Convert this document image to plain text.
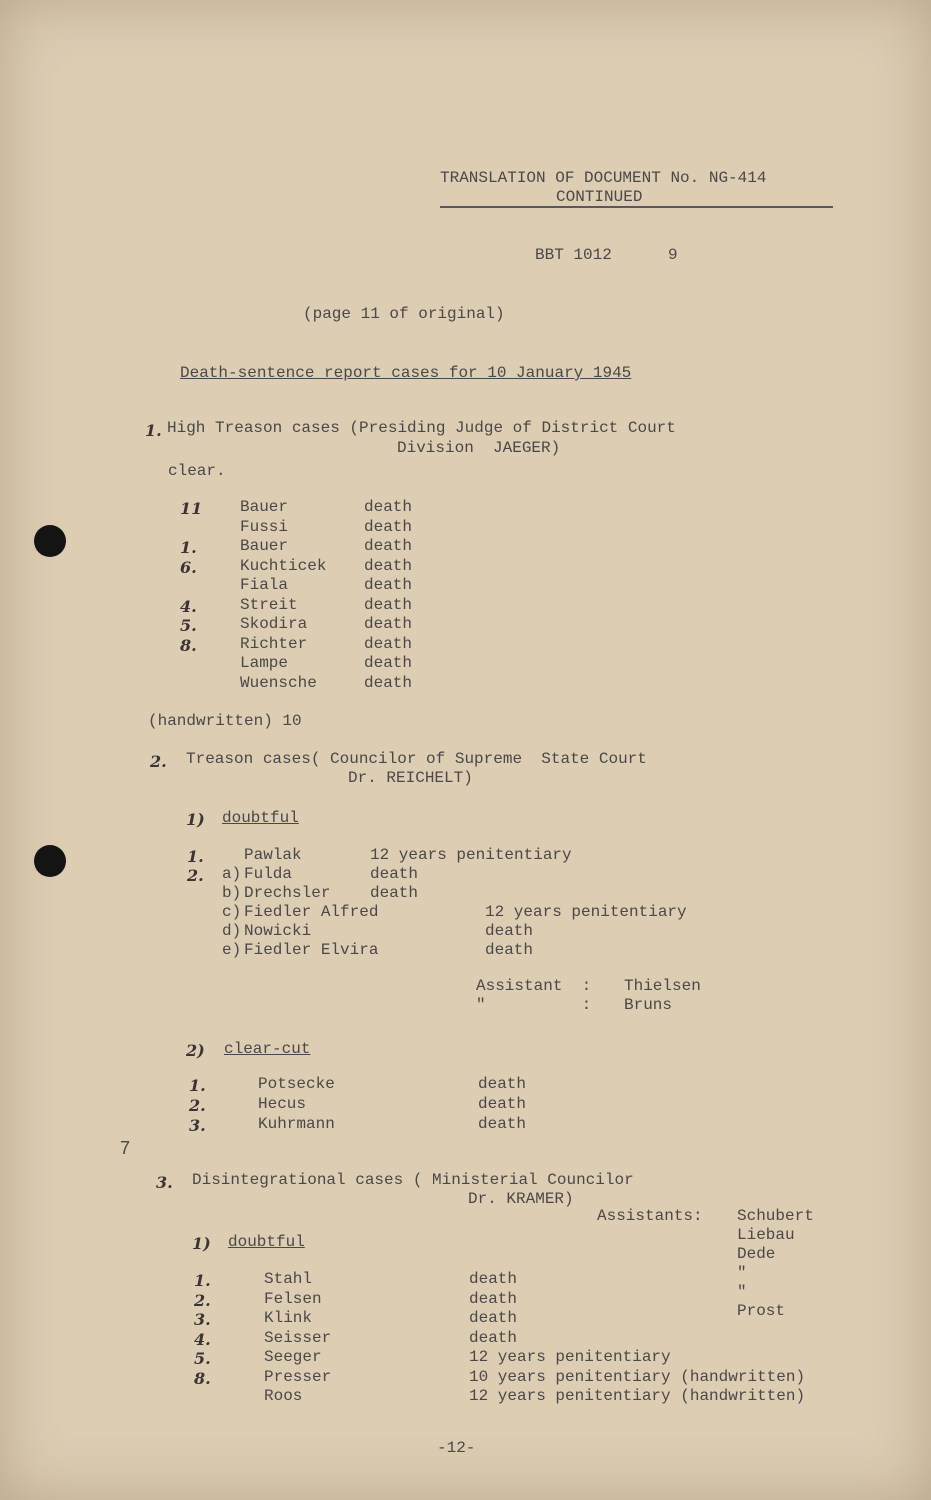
TRANSLATION OF DOCUMENT No. NG-414
CONTINUED
BBT 1012	9
(page 11 of original)
Death-sentence report cases for 10 January 1945
1. High Treason cases (Presiding Judge of District Court
Division  JAEGER)
clear.
11 Bauer	death
Fussi	death
1.	Bauer	death
6.	Kuchticek death
Fiala	death
4.	Streit	death
5.	Skodira	death
8.	Richter	death
Lampe	death
Wuensche	death
(handwritten) 10
2. Treason cases( Councilor of Supreme  State Court
Dr. REICHELT)
1) doubtful
1.	Pawlak	12 years penitentiary
2. a) Fulda	death
b) Drechsler death
c) Fiedler Alfred	12 years penitentiary
d) Nowicki	death
e) Fiedler Elvira	death
Assistant  : Thielsen
"          : Bruns
2) clear-cut
1.	Potsecke	death
2.	Hecus	death
3.	Kuhrmann	death
7
3. Disintegrational cases ( Ministerial Councilor
Dr. KRAMER)
Assistants: Schubert
Liebau
Dede
"
"
Prost
1) doubtful
1.	Stahl	death
2.	Felsen	death
3.	Klink	death
4.	Seisser	death
5.	Seeger	12 years penitentiary
8.	Presser	10 years penitentiary (handwritten)
Roos	12 years penitentiary (handwritten)
-12-
